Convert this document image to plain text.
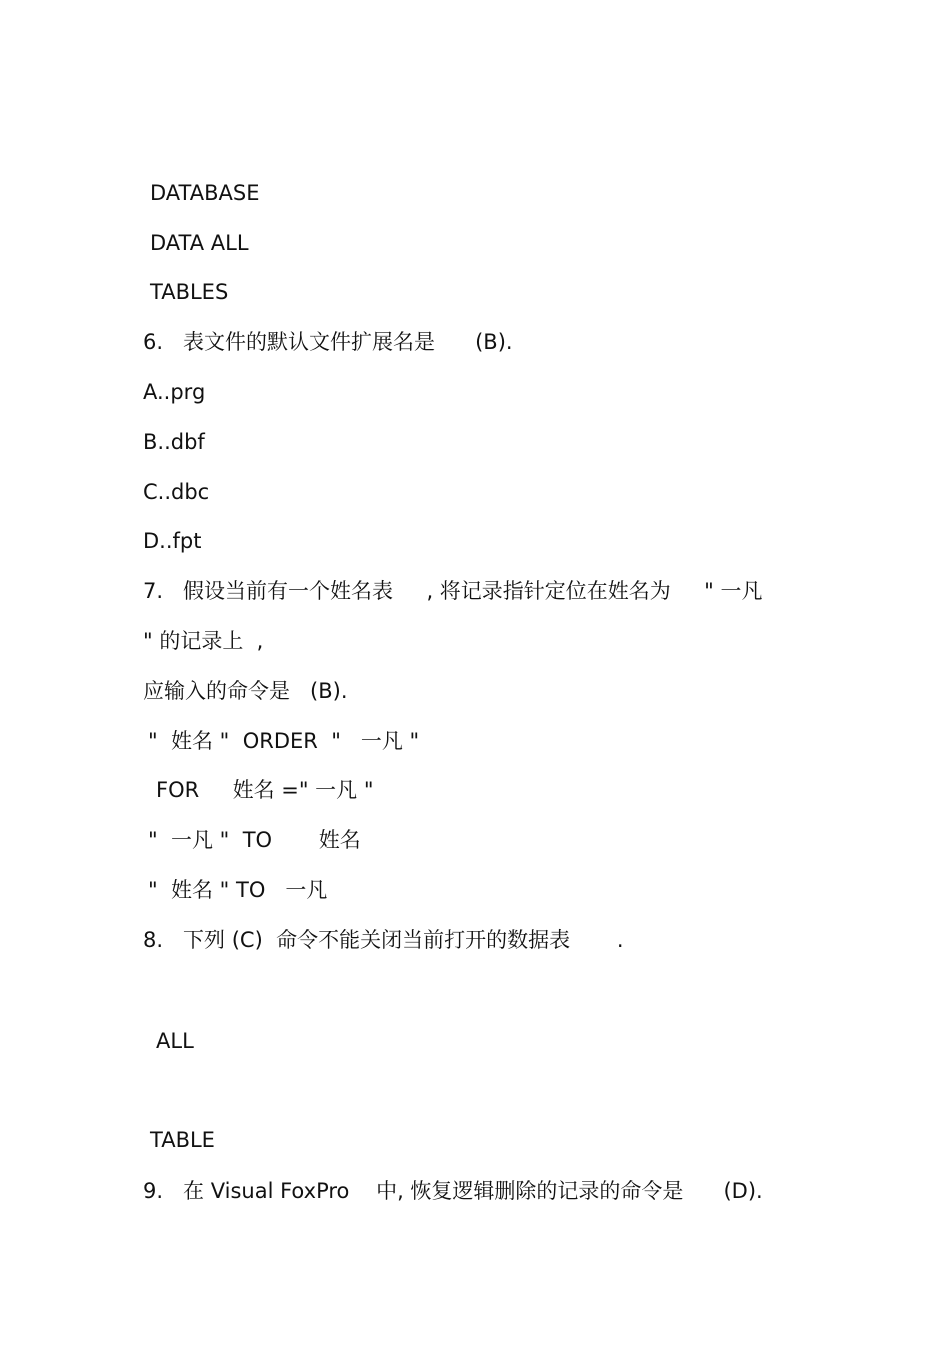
DATABASE

DATA ALL

TABLES

6.   表文件的默认文件扩展名是      (B).

A..prg

B..dbf

C..dbc

D..fpt

7.   假设当前有一个姓名表     , 将记录指针定位在姓名为     " 一凡

" 的记录上  ,

应输入的命令是   (B).

"  姓名 "  ORDER  "   一凡 "

FOR     姓名 =" 一凡 "

"  一凡 "  TO       姓名

"  姓名 " TO   一凡

8.   下列 (C)  命令不能关闭当前打开的数据表       .

ALL

TABLE

9.   在 Visual FoxPro    中, 恢复逻辑删除的记录的命令是      (D).
